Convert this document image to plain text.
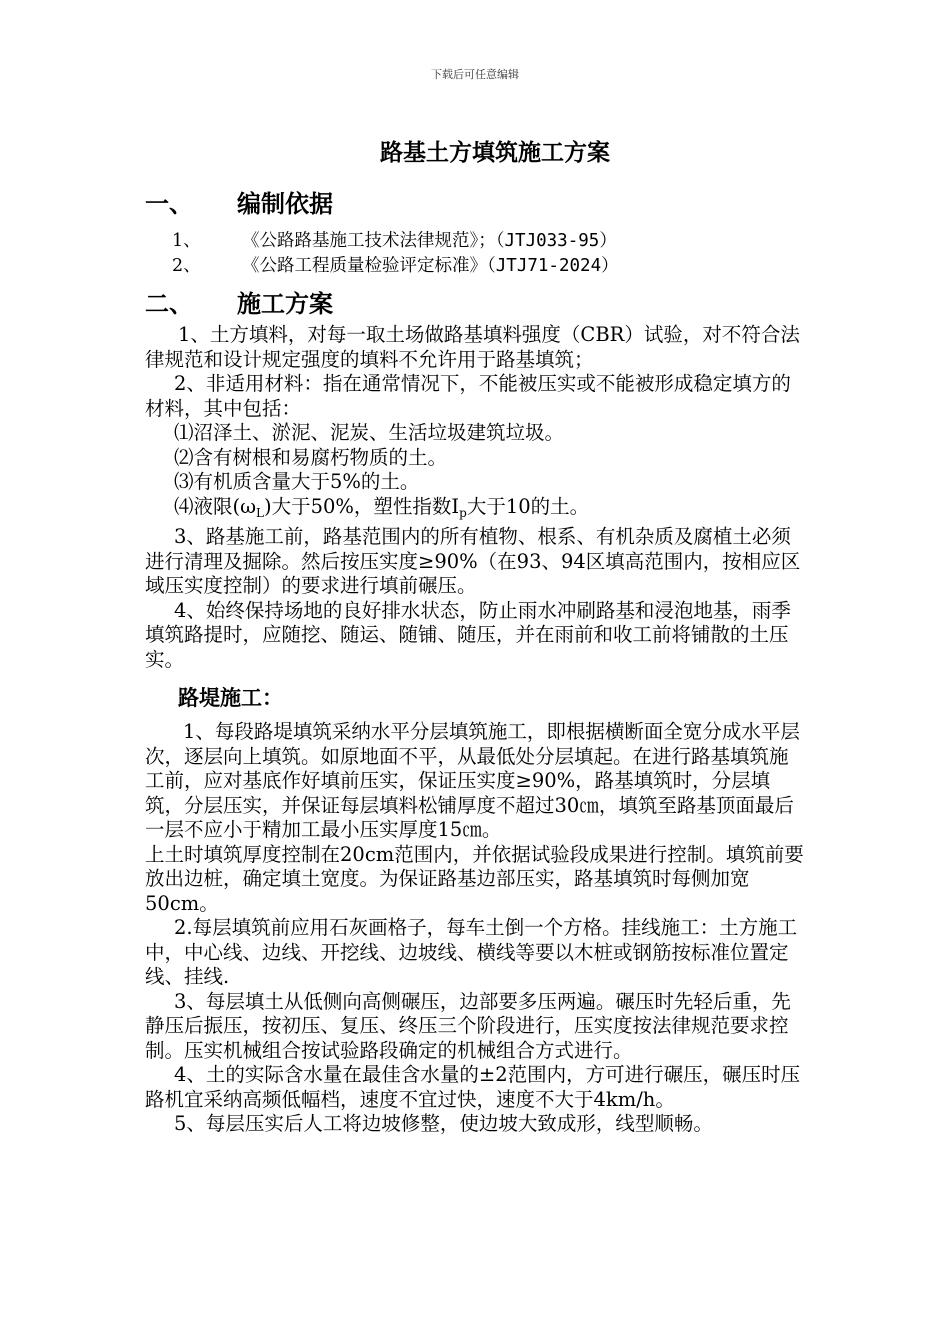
下载后可任意编辑
路基土方填筑施工方案
一、 编制依据
1、 《公路路基施工技术法律规范》；（JTJ033-95）
2、 《公路工程质量检验评定标准》（JTJ71-2024）
二、 施工方案

1、土方填料，对每一取土场做路基填料强度（CBR）试验，对不符合法律规范和设计规定强度的填料不允许用于路基填筑；

2、非适用材料：指在通常情况下，不能被压实或不能被形成稳定填方的材料，其中包括：

⑴沼泽土、淤泥、泥炭、生活垃圾建筑垃圾。

⑵含有树根和易腐朽物质的土。

⑶有机质含量大于5%的土。

⑷液限$(\omega_L)$大于50%，塑性指数$I_p$大于10的土。

3、路基施工前，路基范围内的所有植物、根系、有机杂质及腐植土必须进行清理及掘除。然后按压实度≥90%（在93、94区填高范围内，按相应区域压实度控制）的要求进行填前碾压。

4、始终保持场地的良好排水状态，防止雨水冲刷路基和浸泡地基，雨季填筑路提时，应随挖、随运、随铺、随压，并在雨前和收工前将铺散的土压实。

路堤施工：

1、每段路堤填筑采纳水平分层填筑施工，即根据横断面全宽分成水平层次，逐层向上填筑。如原地面不平，从最低处分层填起。在进行路基填筑施工前，应对基底作好填前压实，保证压实度≥90%，路基填筑时，分层填筑，分层压实，并保证每层填料松铺厚度不超过30㎝，填筑至路基顶面最后一层不应小于精加工最小压实厚度15㎝。

上土时填筑厚度控制在20cm范围内，并依据试验段成果进行控制。填筑前要放出边桩，确定填土宽度。为保证路基边部压实，路基填筑时每侧加宽50cm。

2.每层填筑前应用石灰画格子，每车土倒一个方格。挂线施工：土方施工中，中心线、边线、开挖线、边坡线、横线等要以木桩或钢筋按标准位置定线、挂线.

3、每层填土从低侧向高侧碾压，边部要多压两遍。碾压时先轻后重，先静压后振压，按初压、复压、终压三个阶段进行，压实度按法律规范要求控制。压实机械组合按试验路段确定的机械组合方式进行。

4、土的实际含水量在最佳含水量的±2范围内，方可进行碾压，碾压时压路机宜采纳高频低幅档，速度不宜过快，速度不大于4km/h。

5、每层压实后人工将边坡修整，使边坡大致成形，线型顺畅。
